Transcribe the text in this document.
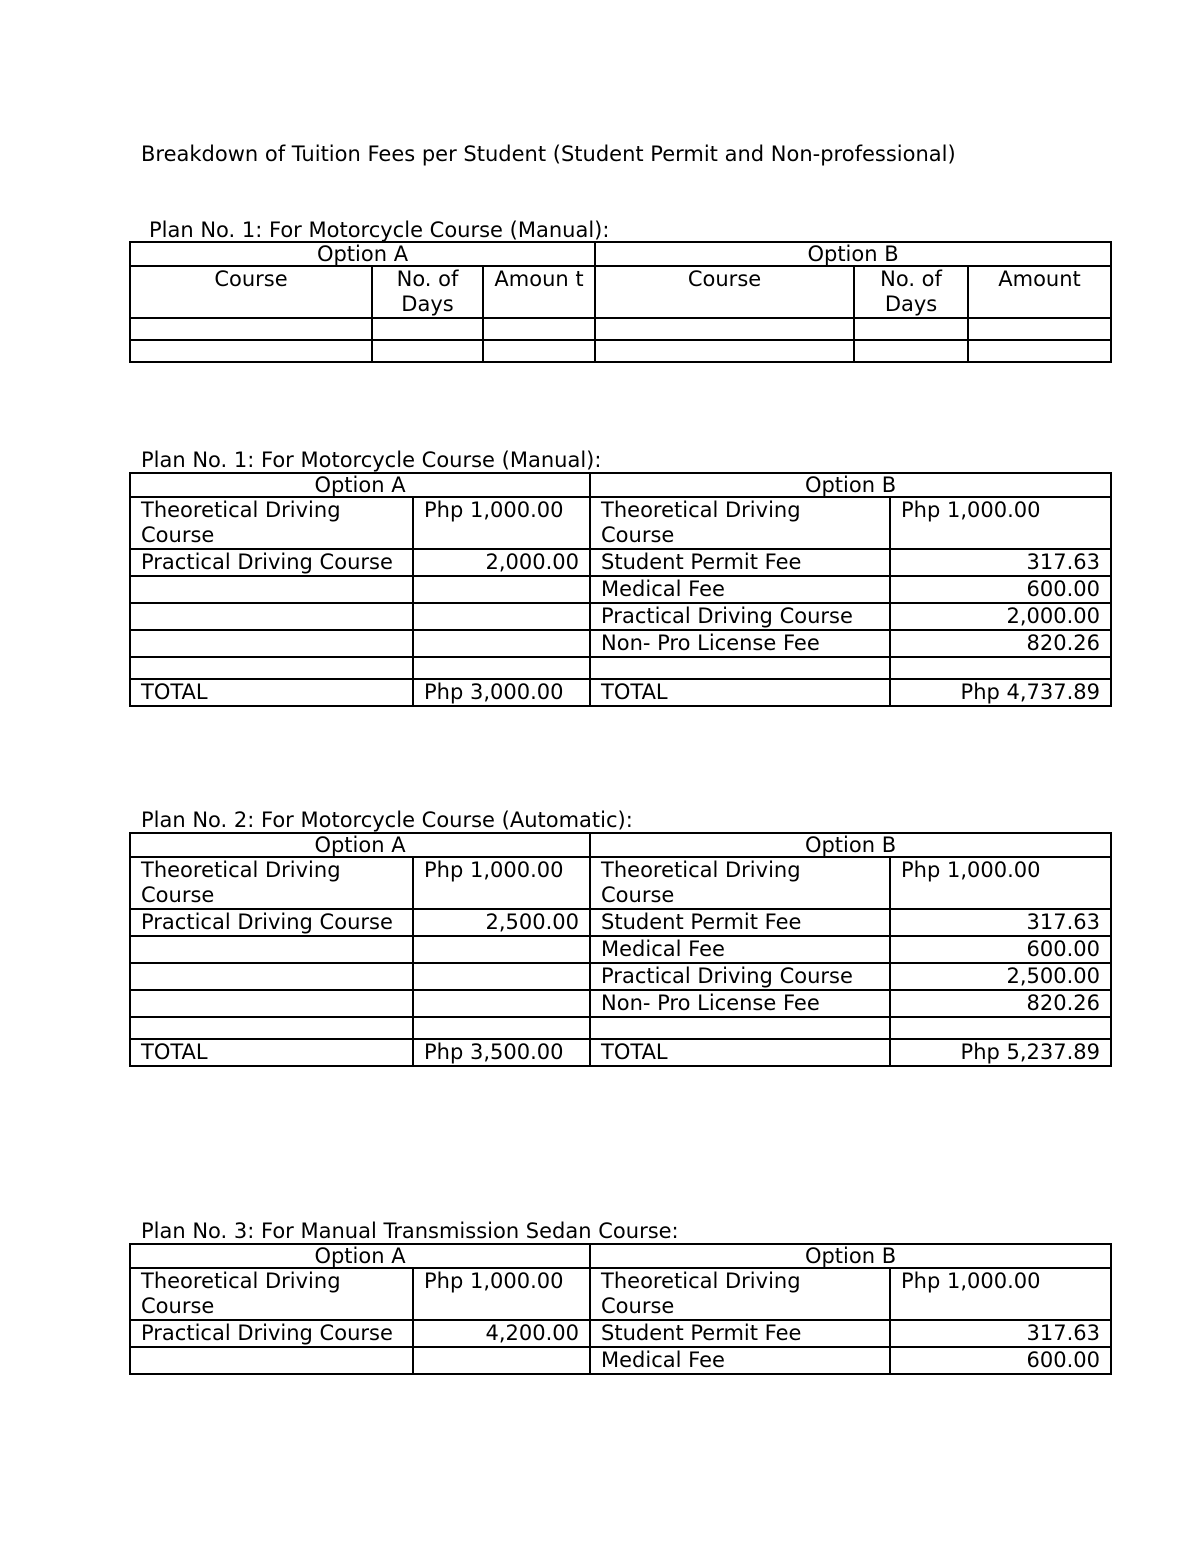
Breakdown of Tuition Fees per Student (Student Permit and Non-professional)
Plan No. 1: For Motorcycle Course (Manual):
Option A			Option B		
Course	No. of Days	Amoun t	Course	No. of Days	Amount

Plan No. 1: For Motorcycle Course (Manual):
Option A		Option B	
Theoretical Driving Course	Php 1,000.00	Theoretical Driving Course	Php 1,000.00
Practical Driving Course	2,000.00	Student Permit Fee	317.63
		Medical Fee	600.00
		Practical Driving Course	2,000.00
		Non- Pro License Fee	820.26

TOTAL	Php 3,000.00	TOTAL	Php 4,737.89
Plan No. 2: For Motorcycle Course (Automatic):
Option A		Option B	
Theoretical Driving Course	Php 1,000.00	Theoretical Driving Course	Php 1,000.00
Practical Driving Course	2,500.00	Student Permit Fee	317.63
		Medical Fee	600.00
		Practical Driving Course	2,500.00
		Non- Pro License Fee	820.26

TOTAL	Php 3,500.00	TOTAL	Php 5,237.89
Plan No. 3: For Manual Transmission Sedan Course:
Option A		Option B	
Theoretical Driving Course	Php 1,000.00	Theoretical Driving Course	Php 1,000.00
Practical Driving Course	4,200.00	Student Permit Fee	317.63
		Medical Fee	600.00
